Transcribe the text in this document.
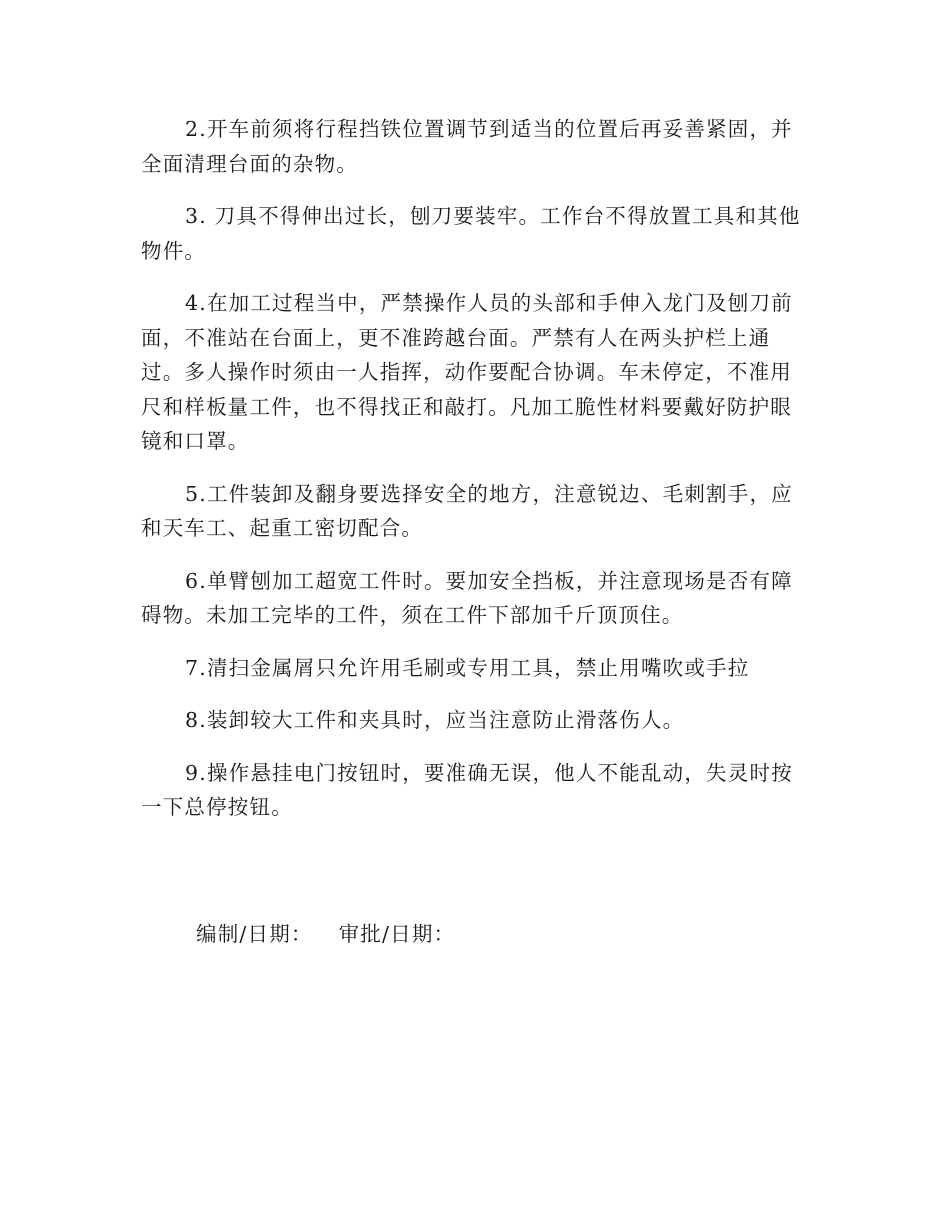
2.开车前须将行程挡铁位置调节到适当的位置后再妥善紧固，并全面清理台面的杂物。

3. 刀具不得伸出过长，刨刀要装牢。工作台不得放置工具和其他物件。

4.在加工过程当中，严禁操作人员的头部和手伸入龙门及刨刀前面，不准站在台面上，更不准跨越台面。严禁有人在两头护栏上通过。多人操作时须由一人指挥，动作要配合协调。车未停定，不准用尺和样板量工件，也不得找正和敲打。凡加工脆性材料要戴好防护眼镜和口罩。

5.工件装卸及翻身要选择安全的地方，注意锐边、毛刺割手，应和天车工、起重工密切配合。

6.单臂刨加工超宽工件时。要加安全挡板，并注意现场是否有障碍物。未加工完毕的工件，须在工件下部加千斤顶顶住。

7.清扫金属屑只允许用毛刷或专用工具，禁止用嘴吹或手拉

8.装卸较大工件和夹具时，应当注意防止滑落伤人。

9.操作悬挂电门按钮时，要准确无误，他人不能乱动，失灵时按一下总停按钮。

编制/日期： 审批/日期：
